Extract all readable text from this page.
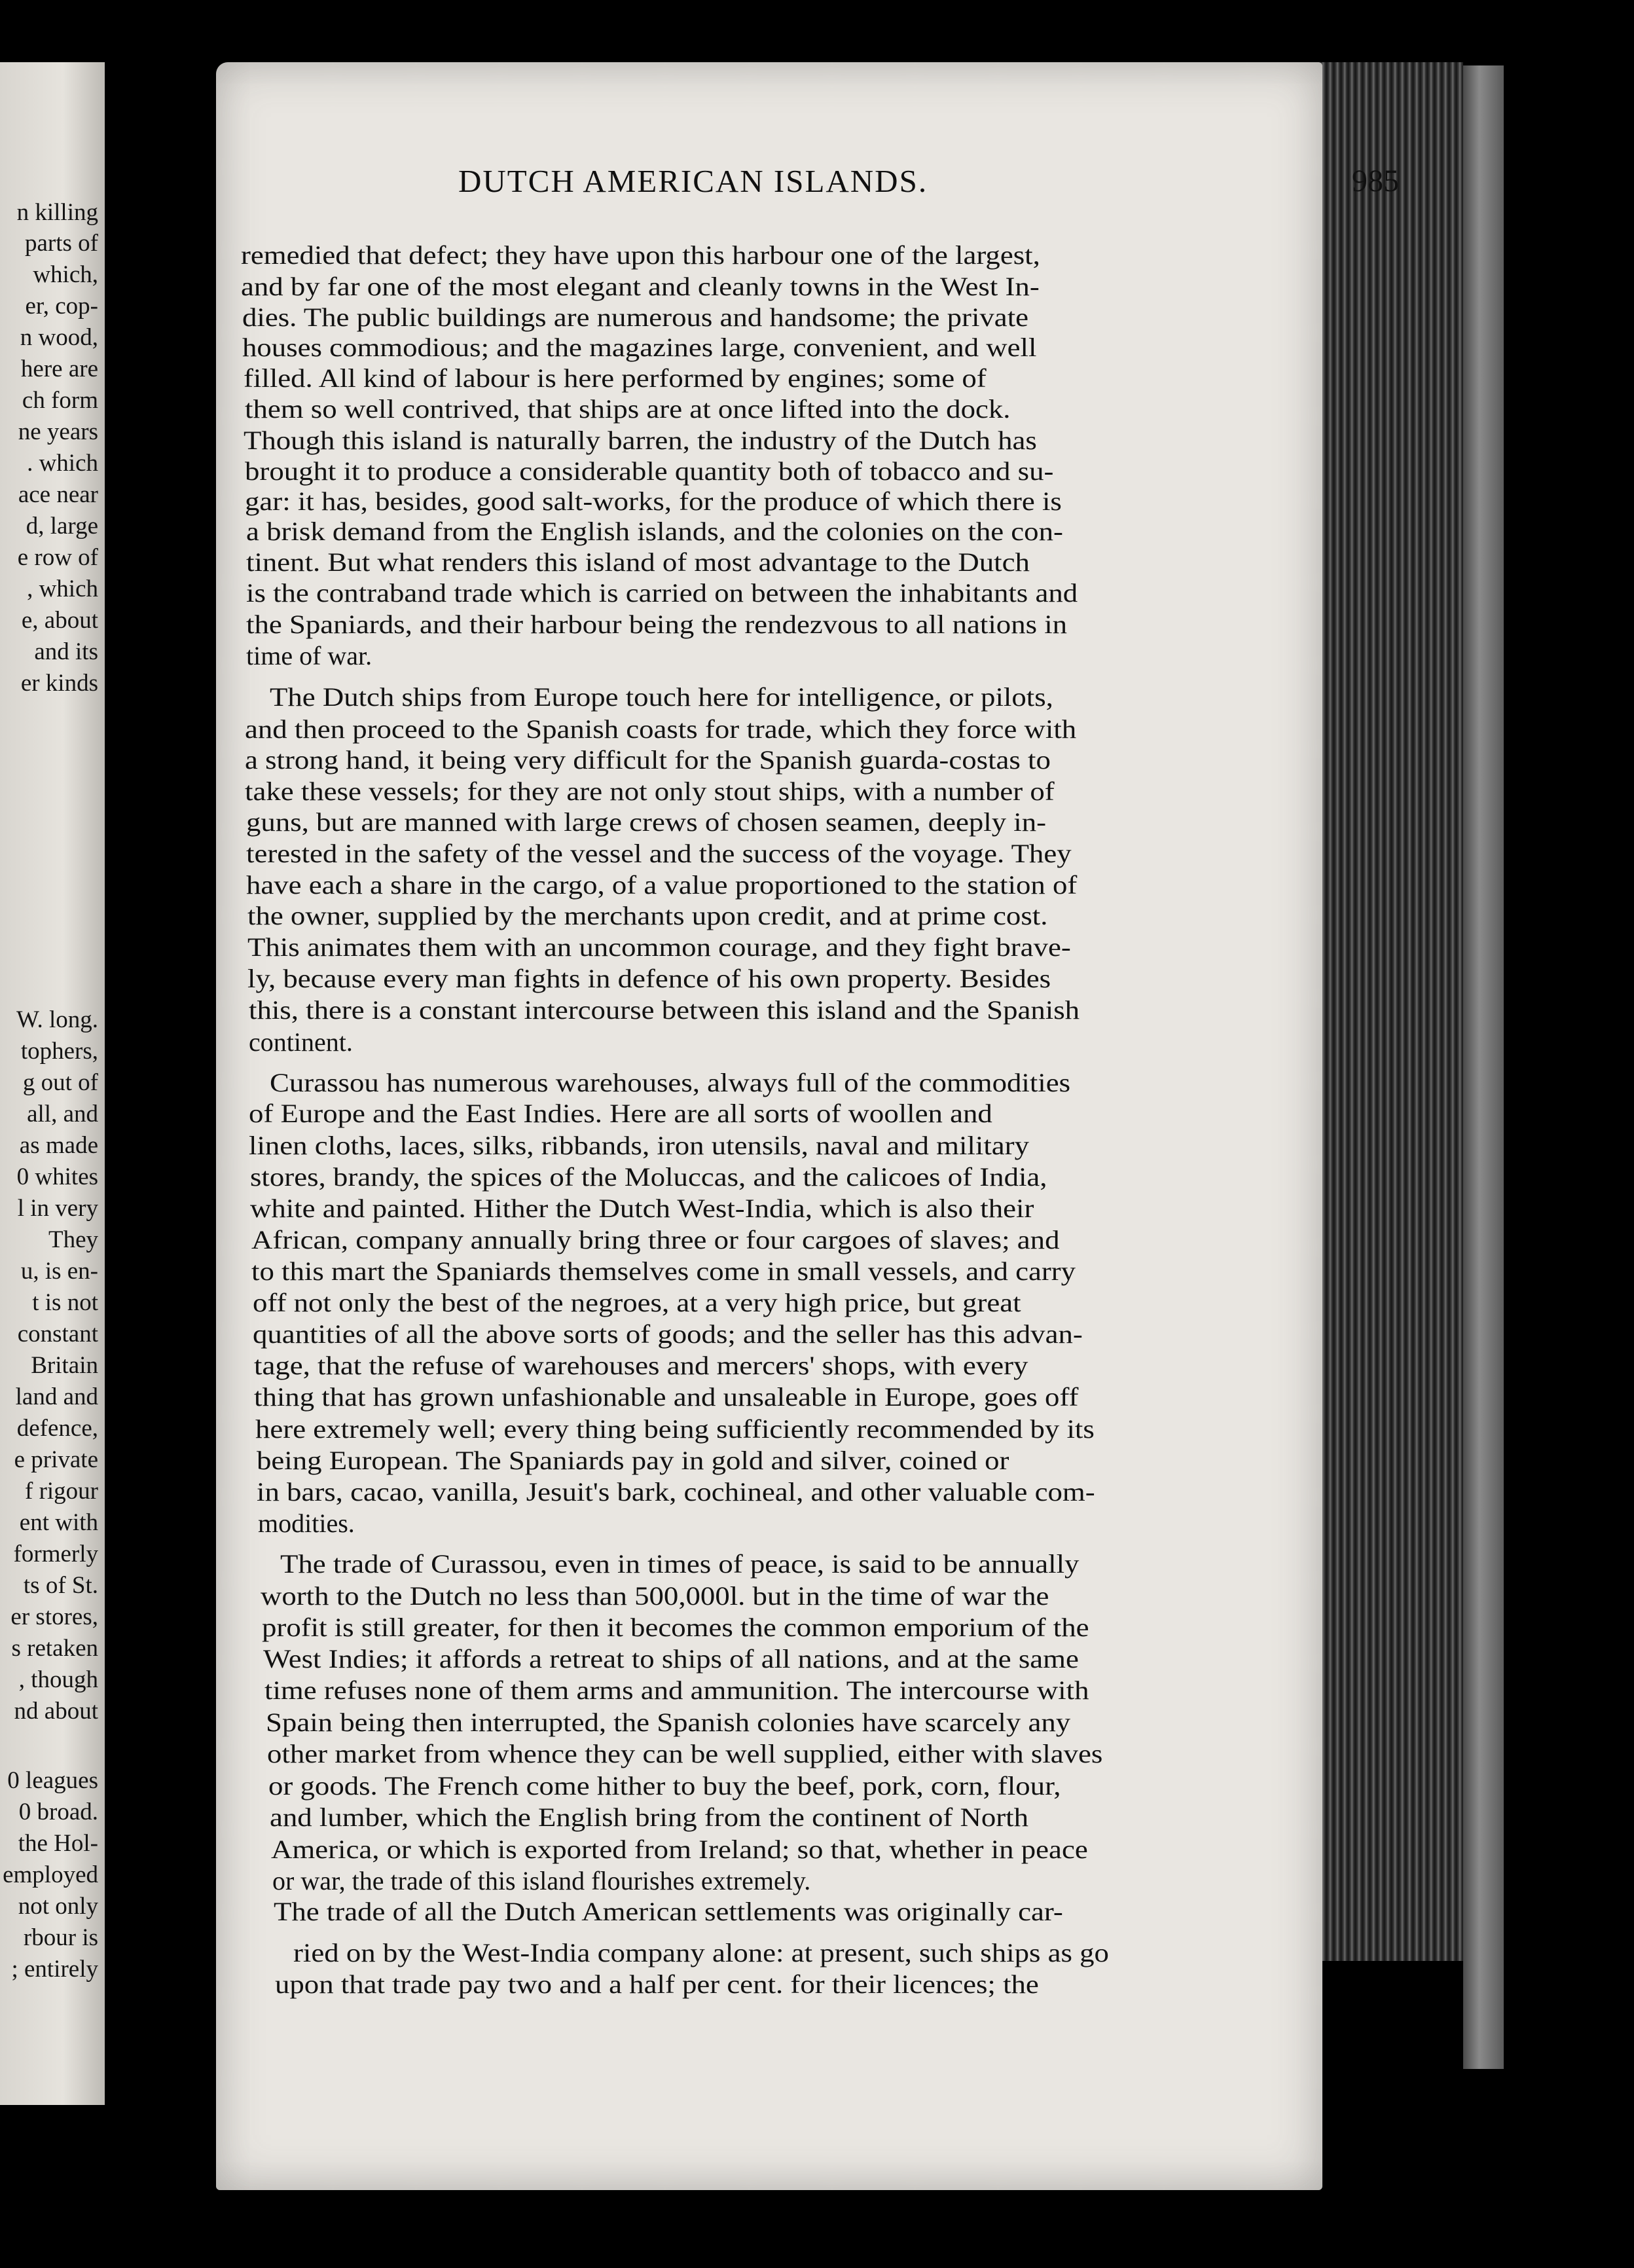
n killing
parts of
which,
er, cop-
n wood,
here are
ch form
ne years
. which
ace near
d, large
e row of
, which
e, about
and its
er kinds
W. long.
tophers,
g out of
all, and
as made
0 whites
l in very
They
u, is en-
t is not
constant
Britain
land and
defence,
e private
f rigour
ent with
formerly
ts of St.
er stores,
s retaken
, though
nd about
0 leagues
0 broad.
the Hol-
employed
not only
rbour is
; entirely
DUTCH AMERICAN ISLANDS.	985
remedied that defect; they have upon this harbour one of the largest,
and by far one of the most elegant and cleanly towns in the West In-
dies. The public buildings are numerous and handsome; the private
houses commodious; and the magazines large, convenient, and well
filled. All kind of labour is here performed by engines; some of
them so well contrived, that ships are at once lifted into the dock.
Though this island is naturally barren, the industry of the Dutch has
brought it to produce a considerable quantity both of tobacco and su-
gar: it has, besides, good salt-works, for the produce of which there is
a brisk demand from the English islands, and the colonies on the con-
tinent. But what renders this island of most advantage to the Dutch
is the contraband trade which is carried on between the inhabitants and
the Spaniards, and their harbour being the rendezvous to all nations in
time of war.
The Dutch ships from Europe touch here for intelligence, or pilots,
and then proceed to the Spanish coasts for trade, which they force with
a strong hand, it being very difficult for the Spanish guarda-costas to
take these vessels; for they are not only stout ships, with a number of
guns, but are manned with large crews of chosen seamen, deeply in-
terested in the safety of the vessel and the success of the voyage. They
have each a share in the cargo, of a value proportioned to the station of
the owner, supplied by the merchants upon credit, and at prime cost.
This animates them with an uncommon courage, and they fight brave-
ly, because every man fights in defence of his own property. Besides
this, there is a constant intercourse between this island and the Spanish
continent.
Curassou has numerous warehouses, always full of the commodities
of Europe and the East Indies. Here are all sorts of woollen and
linen cloths, laces, silks, ribbands, iron utensils, naval and military
stores, brandy, the spices of the Moluccas, and the calicoes of India,
white and painted. Hither the Dutch West-India, which is also their
African, company annually bring three or four cargoes of slaves; and
to this mart the Spaniards themselves come in small vessels, and carry
off not only the best of the negroes, at a very high price, but great
quantities of all the above sorts of goods; and the seller has this advan-
tage, that the refuse of warehouses and mercers' shops, with every
thing that has grown unfashionable and unsaleable in Europe, goes off
here extremely well; every thing being sufficiently recommended by its
being European. The Spaniards pay in gold and silver, coined or
in bars, cacao, vanilla, Jesuit's bark, cochineal, and other valuable com-
modities.
The trade of Curassou, even in times of peace, is said to be annually
worth to the Dutch no less than 500,000l. but in the time of war the
profit is still greater, for then it becomes the common emporium of the
West Indies; it affords a retreat to ships of all nations, and at the same
time refuses none of them arms and ammunition. The intercourse with
Spain being then interrupted, the Spanish colonies have scarcely any
other market from whence they can be well supplied, either with slaves
or goods. The French come hither to buy the beef, pork, corn, flour,
and lumber, which the English bring from the continent of North
America, or which is exported from Ireland; so that, whether in peace
or war, the trade of this island flourishes extremely.
The trade of all the Dutch American settlements was originally car-
ried on by the West-India company alone: at present, such ships as go
upon that trade pay two and a half per cent. for their licences; the
